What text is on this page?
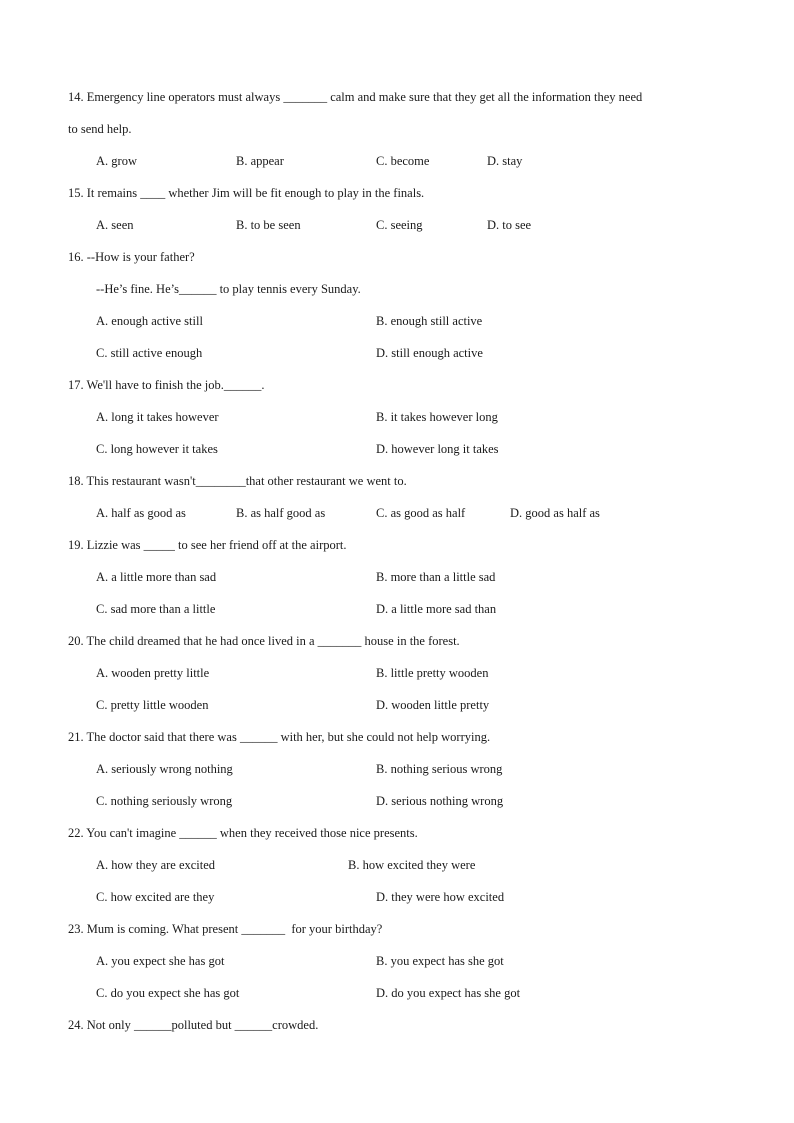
14. Emergency line operators must always _______ calm and make sure that they get all the information they need
to send help.
A. grow	B. appear	C. become	D. stay
15. It remains ____ whether Jim will be fit enough to play in the finals.
A. seen	B. to be seen	C. seeing	D. to see
16. --How is your father?
--He’s fine. He’s______ to play tennis every Sunday.
A. enough active still	B. enough still active
C. still active enough	D. still enough active
17. We'll have to finish the job.______.
A. long it takes however	B. it takes however long
C. long however it takes	D. however long it takes
18. This restaurant wasn't________that other restaurant we went to.
A. half as good as	B. as half good as	C. as good as half	D. good as half as
19. Lizzie was _____ to see her friend off at the airport.
A. a little more than sad	B. more than a little sad
C. sad more than a little	D. a little more sad than
20. The child dreamed that he had once lived in a _______ house in the forest.
A. wooden pretty little	B. little pretty wooden
C. pretty little wooden	D. wooden little pretty
21. The doctor said that there was ______ with her, but she could not help worrying.
A. seriously wrong nothing	B. nothing serious wrong
C. nothing seriously wrong	D. serious nothing wrong
22. You can't imagine ______ when they received those nice presents.
A. how they are excited	B. how excited they were
C. how excited are they	D. they were how excited
23. Mum is coming. What present _______  for your birthday?
A. you expect she has got	B. you expect has she got
C. do you expect she has got	D. do you expect has she got
24. Not only ______polluted but ______crowded.
